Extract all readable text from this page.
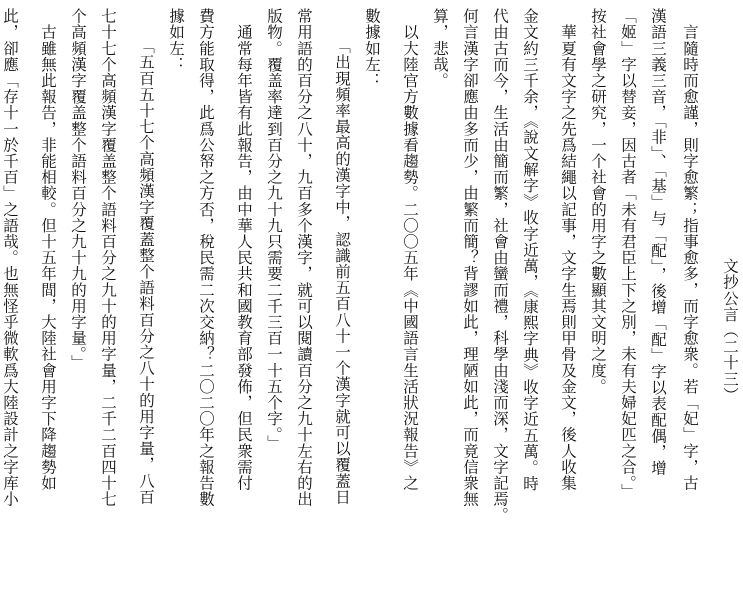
文抄公言（二十三）
　言隨時而愈謹，則字愈繁；指事愈多，而字愈衆。若「妃」字，古
漢語三義三音，「非」、「基」与「配」，後增「配」字以表配偶，增
「姬」字以替妾，因古者「未有君臣上下之別，未有夫婦妃匹之合。」
按社會學之研究，一个社會的用字之數顯其文明之度。
　華夏有文字之先爲結繩以記事，文字生焉則甲骨及金文，後人收集
金文約三千余，《說文解字》收字近萬，《康熙字典》收字近五萬。時
代由古而今，生活由簡而繁，社會由蠻而禮，科學由淺而深，文字記焉。
何言漢字卻應由多而少，由繁而簡？背謬如此，理陋如此，而竟信衆無
算，悲哉。
　以大陸官方數據看趨勢。二〇〇五年《中國語言生活狀況報告》之
數據如左：
「出現頻率最高的漢字中，認識前五百八十一个漢字就可以覆蓋日
常用語的百分之八十，九百多个漢字，就可以閱讀百分之九十左右的出
版物。覆盖率達到百分之九十九只需要二千三百一十五个字。」
　通常每年皆有此報告，由中華人民共和國教育部發佈，但民衆需付
費方能取得，此爲公帑之方否，稅民需二次交納？二〇二〇年之報告數
據如左：
「五百五十七个高頻漢字覆蓋整个語料百分之八十的用字量，八百
七十七个高頻漢字覆盖整个語料百分之九十的用字量，二千二百四十七
个高頻漢字覆盖整个語料百分之九十九的用字量。」
　古雖無此報告，非能相較。但十五年間，大陸社會用字下降趨勢如
此，卻應「存十一於千百」之語哉。也無怪乎微軟爲大陸設計之字库小
